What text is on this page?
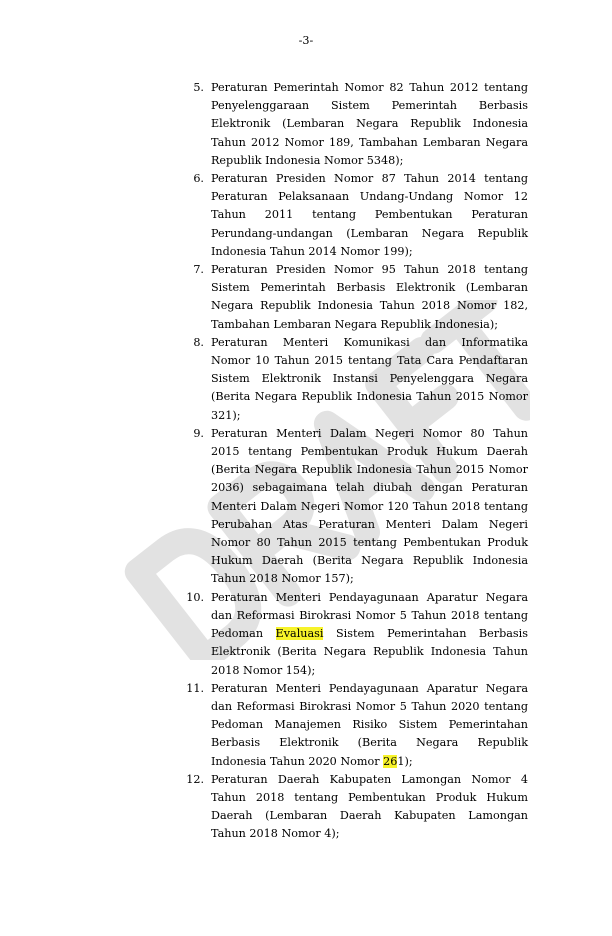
-3-
5. Peraturan Pemerintah Nomor 82 Tahun 2012 tentang
Penyelenggaraan Sistem Pemerintah Berbasis
Elektronik (Lembaran Negara Republik Indonesia
Tahun 2012 Nomor 189, Tambahan Lembaran Negara
Republik Indonesia Nomor 5348);
6. Peraturan Presiden Nomor 87 Tahun 2014 tentang
Peraturan Pelaksanaan Undang-Undang Nomor 12
Tahun 2011 tentang Pembentukan Peraturan
Perundang-undangan (Lembaran Negara Republik
Indonesia Tahun 2014 Nomor 199);
7. Peraturan Presiden Nomor 95 Tahun 2018 tentang
Sistem Pemerintah Berbasis Elektronik (Lembaran
Negara Republik Indonesia Tahun 2018 Nomor 182,
Tambahan Lembaran Negara Republik Indonesia);
8. Peraturan Menteri Komunikasi dan Informatika
Nomor 10 Tahun 2015 tentang Tata Cara Pendaftaran
Sistem Elektronik Instansi Penyelenggara Negara
(Berita Negara Republik Indonesia Tahun 2015 Nomor
321);
9. Peraturan Menteri Dalam Negeri Nomor 80 Tahun
2015 tentang Pembentukan Produk Hukum Daerah
(Berita Negara Republik Indonesia Tahun 2015 Nomor
2036) sebagaimana telah diubah dengan Peraturan
Menteri Dalam Negeri Nomor 120 Tahun 2018 tentang
Perubahan Atas Peraturan Menteri Dalam Negeri
Nomor 80 Tahun 2015 tentang Pembentukan Produk
Hukum Daerah (Berita Negara Republik Indonesia
Tahun 2018 Nomor 157);
10. Peraturan Menteri Pendayagunaan Aparatur Negara
dan Reformasi Birokrasi Nomor 5 Tahun 2018 tentang
Pedoman Evaluasi Sistem Pemerintahan Berbasis
Elektronik (Berita Negara Republik Indonesia Tahun
2018 Nomor 154);
11. Peraturan Menteri Pendayagunaan Aparatur Negara
dan Reformasi Birokrasi Nomor 5 Tahun 2020 tentang
Pedoman Manajemen Risiko Sistem Pemerintahan
Berbasis Elektronik (Berita Negara Republik
Indonesia Tahun 2020 Nomor 261);
12. Peraturan Daerah Kabupaten Lamongan Nomor 4
Tahun 2018 tentang Pembentukan Produk Hukum
Daerah (Lembaran Daerah Kabupaten Lamongan
Tahun 2018 Nomor 4);
